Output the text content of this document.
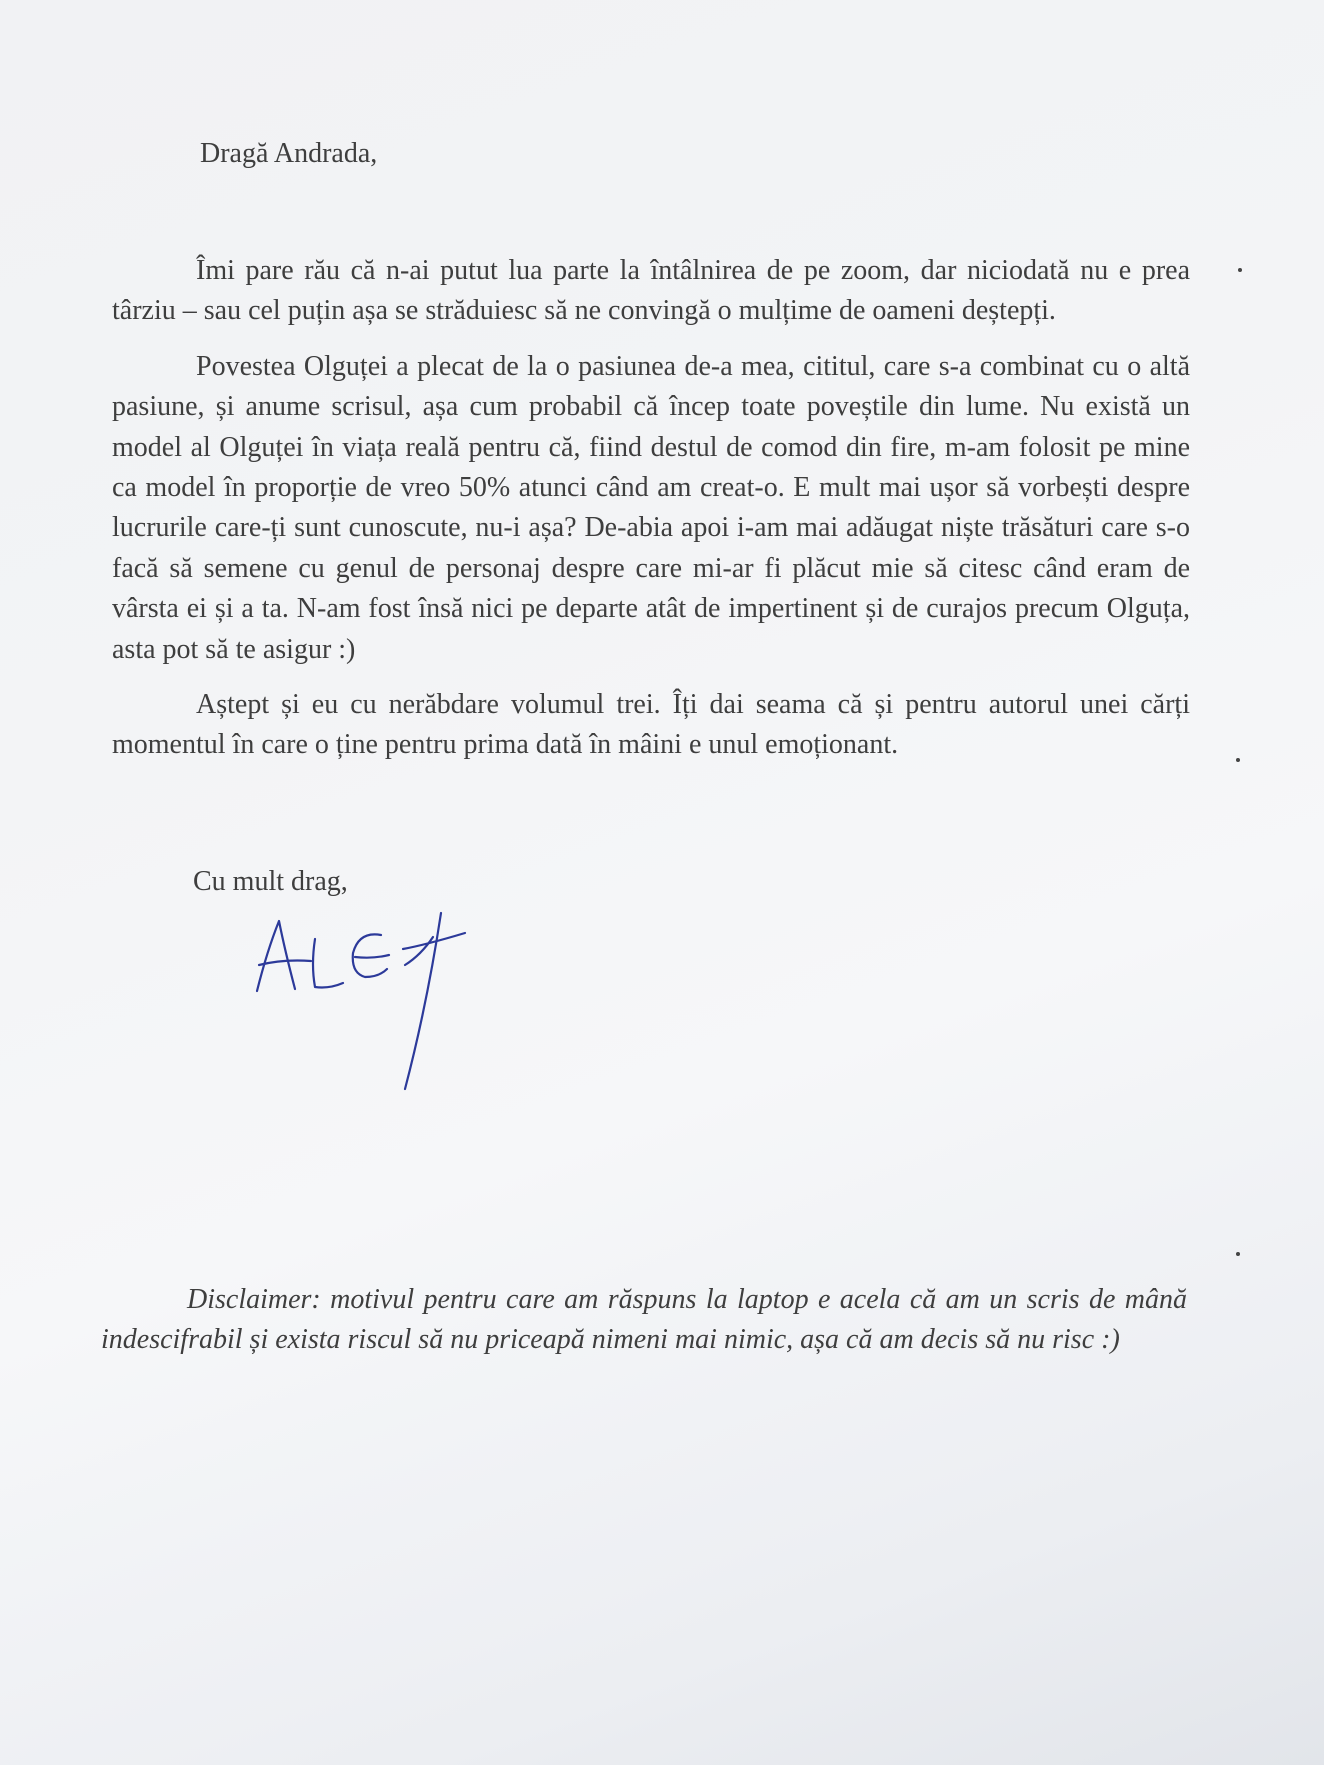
Dragă Andrada,

Îmi pare rău că n-ai putut lua parte la întâlnirea de pe zoom, dar niciodată nu e prea târziu – sau cel puțin așa se străduiesc să ne convingă o mulțime de oameni deștepți.

Povestea Olguței a plecat de la o pasiunea de-a mea, cititul, care s-a combinat cu o altă pasiune, și anume scrisul, așa cum probabil că încep toate poveștile din lume. Nu există un model al Olguței în viața reală pentru că, fiind destul de comod din fire, m-am folosit pe mine ca model în proporție de vreo 50% atunci când am creat-o. E mult mai ușor să vorbești despre lucrurile care-ți sunt cunoscute, nu-i așa? De-abia apoi i-am mai adăugat niște trăsături care s-o facă să semene cu genul de personaj despre care mi-ar fi plăcut mie să citesc când eram de vârsta ei și a ta. N-am fost însă nici pe departe atât de impertinent și de curajos precum Olguța, asta pot să te asigur :)

Aștept și eu cu nerăbdare volumul trei. Îți dai seama că și pentru autorul unei cărți momentul în care o ține pentru prima dată în mâini e unul emoționant.

Cu mult drag,

Disclaimer: motivul pentru care am răspuns la laptop e acela că am un scris de mână indescifrabil și exista riscul să nu priceapă nimeni mai nimic, așa că am decis să nu risc :)
